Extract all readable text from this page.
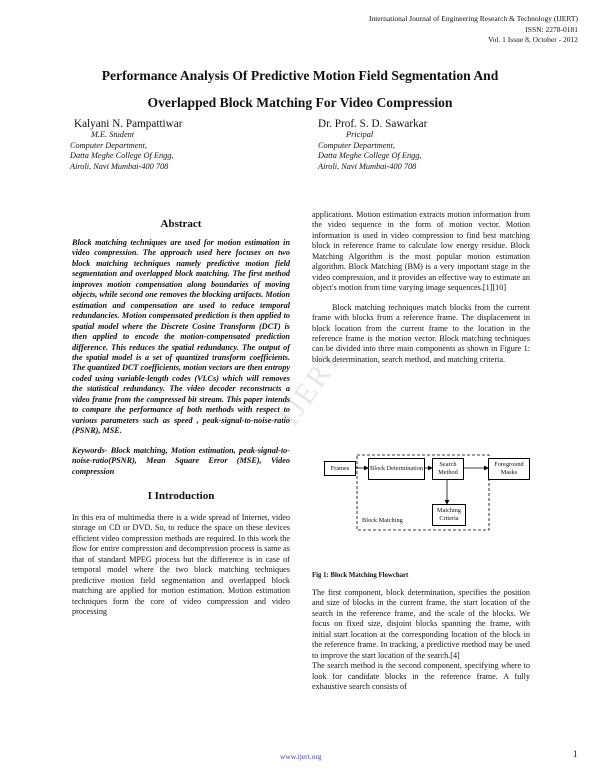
International Journal of Engineering Research & Technology (IJERT)
ISSN: 2278-0181
Vol. 1 Issue 8, October - 2012
Performance Analysis Of Predictive Motion Field Segmentation And
Overlapped Block Matching For Video Compression
Kalyani N. Pampattiwar
M.E. Student
Computer Department,
Datta Meghe College Of Engg,
Airoli, Navi Mumbai-400 708
Dr. Prof. S. D. Sawarkar
Pricipal
Computer Department,
Datta Meghe College Of Engg,
Airoli, Navi Mumbai-400 708
IJERT
Abstract
Block matching techniques are used for motion estimation in video compression. The approach used here focuses on two block matching techniques namely predictive motion field segmentation and overlapped block matching. The first method improves motion compensation along boundaries of moving objects, while second one removes the blocking artifacts. Motion estimation and compensation are used to reduce temporal redundancies. Motion compensated prediction is then applied to spatial model where the Discrete Cosine Transform (DCT) is then applied to encode the motion-compensated prediction difference. This reduces the spatial redundancy. The output of the spatial model is a set of quantized transform coefficients. The quantized DCT coefficients, motion vectors are then entropy coded using variable-length codes (VLCs) which will removes the statistical redundancy. The video decoder reconstructs a video frame from the compressed bit stream. This paper intends to compare the performance of both methods with respect to various parameters such as speed , peak-signal-to-noise-ratio (PSNR), MSE.
Keywords- Block matching, Motion estimation, peak-signal-to-noise-ratio(PSNR), Mean Square Error (MSE), Video compression
I Introduction
In this era of multimedia there is a wide spread of Internet, video storage on CD or DVD. So, to reduce the space on these devices efficient video compression methods are required. In this work the flow for entire compression and decompression process is same as that of standard MPEG process but the difference is in case of temporal model where the two block matching techniques predictive motion field segmentation and overlapped block matching are applied for motion estimation. Motion estimation techniques form the core of video compression and video processing
applications. Motion estimation extracts motion information from the video sequence in the form of motion vector. Motion information is used in video compression to find best matching block in reference frame to calculate low energy residue. Block Matching Algorithm is the most popular motion estimation algorithm. Block Matching (BM) is a very important stage in the video compression, and it provides an effective way to estimate an object's motion from time varying image sequences.[1][10]
Block matching techniques match blocks from the current frame with blocks from a reference frame. The displacement in block location from the current frame to the location in the reference frame is the motion vector. Block matching techniques can be divided into three main components as shown in Figure 1: block determination, search method, and matching criteria.
Frames	Block Determination
Search Method
Foreground Masks
Matching Criteria
Block Matching
Fig 1: Block Matching Flowchart
The first component, block determination, specifies the position and size of blocks in the current frame, the start location of the search in the reference frame, and the scale of the blocks. We focus on fixed size, disjoint blocks spanning the frame, with initial start location at the corresponding location of the block in the reference frame. In tracking, a predictive method may be used to improve the start location of the search.[4]
The search method is the second component, specifying where to look for candidate blocks in the reference frame. A fully exhaustive search consists of
www.ijert.org	1
